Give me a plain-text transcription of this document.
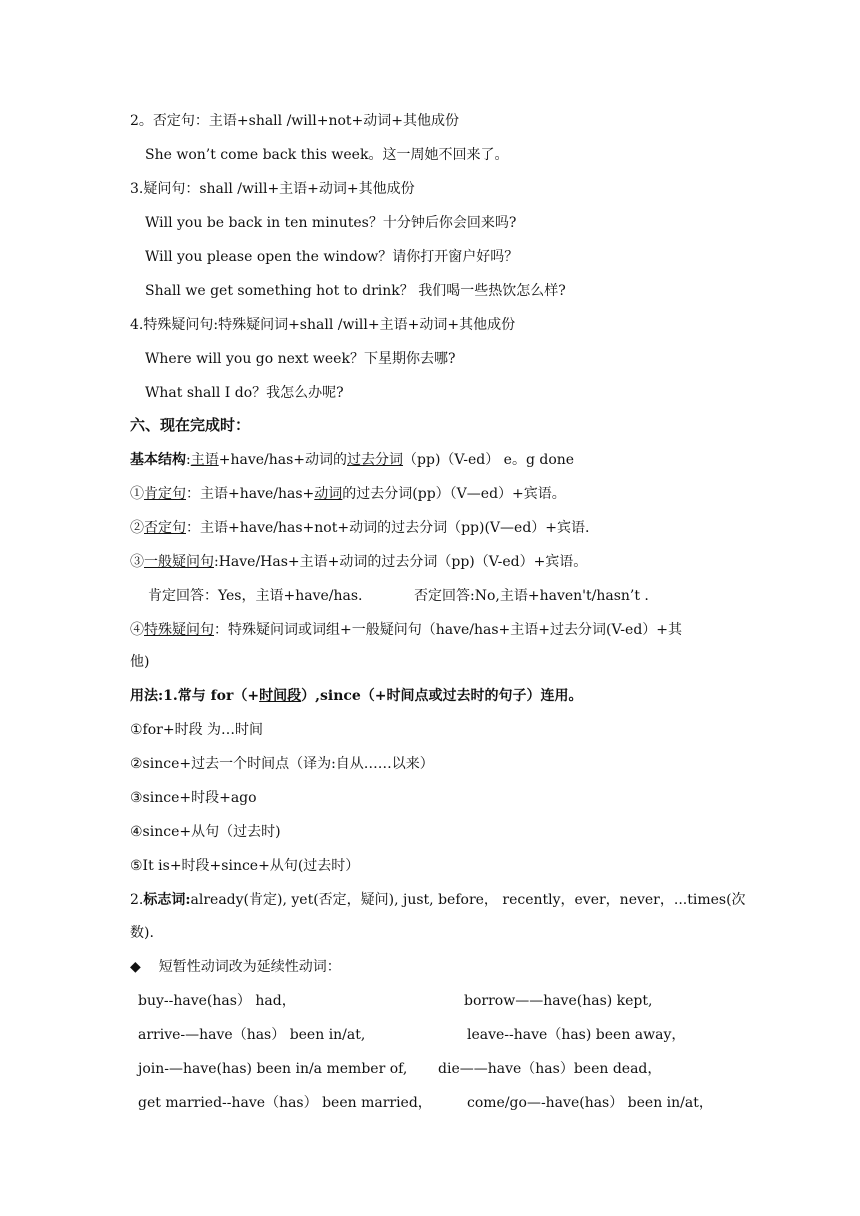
2。否定句：主语+shall /will+not+动词+其他成份
She won’t come back this week。这一周她不回来了。
3.疑问句：shall /will+主语+动词+其他成份
Will you be back in ten minutes？十分钟后你会回来吗?
Will you please open the window？请你打开窗户好吗？
Shall we get something hot to drink？ 我们喝一些热饮怎么样?
4.特殊疑问句:特殊疑问词+shall /will+主语+动词+其他成份
Where will you go next week？下星期你去哪?
What shall I do？我怎么办呢?
六、现在完成时：
基本结构:主语+have/has+动词的过去分词（pp)（V-ed） e。g done
①肯定句：主语+have/has+动词的过去分词(pp）（V—ed）+宾语。
②否定句：主语+have/has+not+动词的过去分词（pp)(V—ed）+宾语.
③一般疑问句:Have/Has+主语+动词的过去分词（pp)（V-ed）+宾语。
肯定回答：Yes，主语+have/has.	否定回答:No,主语+haven't/hasn’t .
④特殊疑问句：特殊疑问词或词组+一般疑问句（have/has+主语+过去分词(V-ed）+其
他)
用法:1.常与 for（+时间段）,since（+时间点或过去时的句子）连用。
①for+时段 为…时间
②since+过去一个时间点（译为:自从……以来）
③since+时段+ago
④since+从句（过去时)
⑤It is+时段+since+从句(过去时）
2.标志词:already(肯定), yet(否定，疑问), just, before， recently，ever，never，...times(次
数).
◆ 短暂性动词改为延续性动词：
buy--have(has） had，	borrow——have(has) kept,
arrive-—have（has） been in/at,	leave--have（has) been away，
join-—have(has) been in/a member of, die——have（has）been dead，
get married--have（has） been married，	come/go—-have(has） been in/at，
